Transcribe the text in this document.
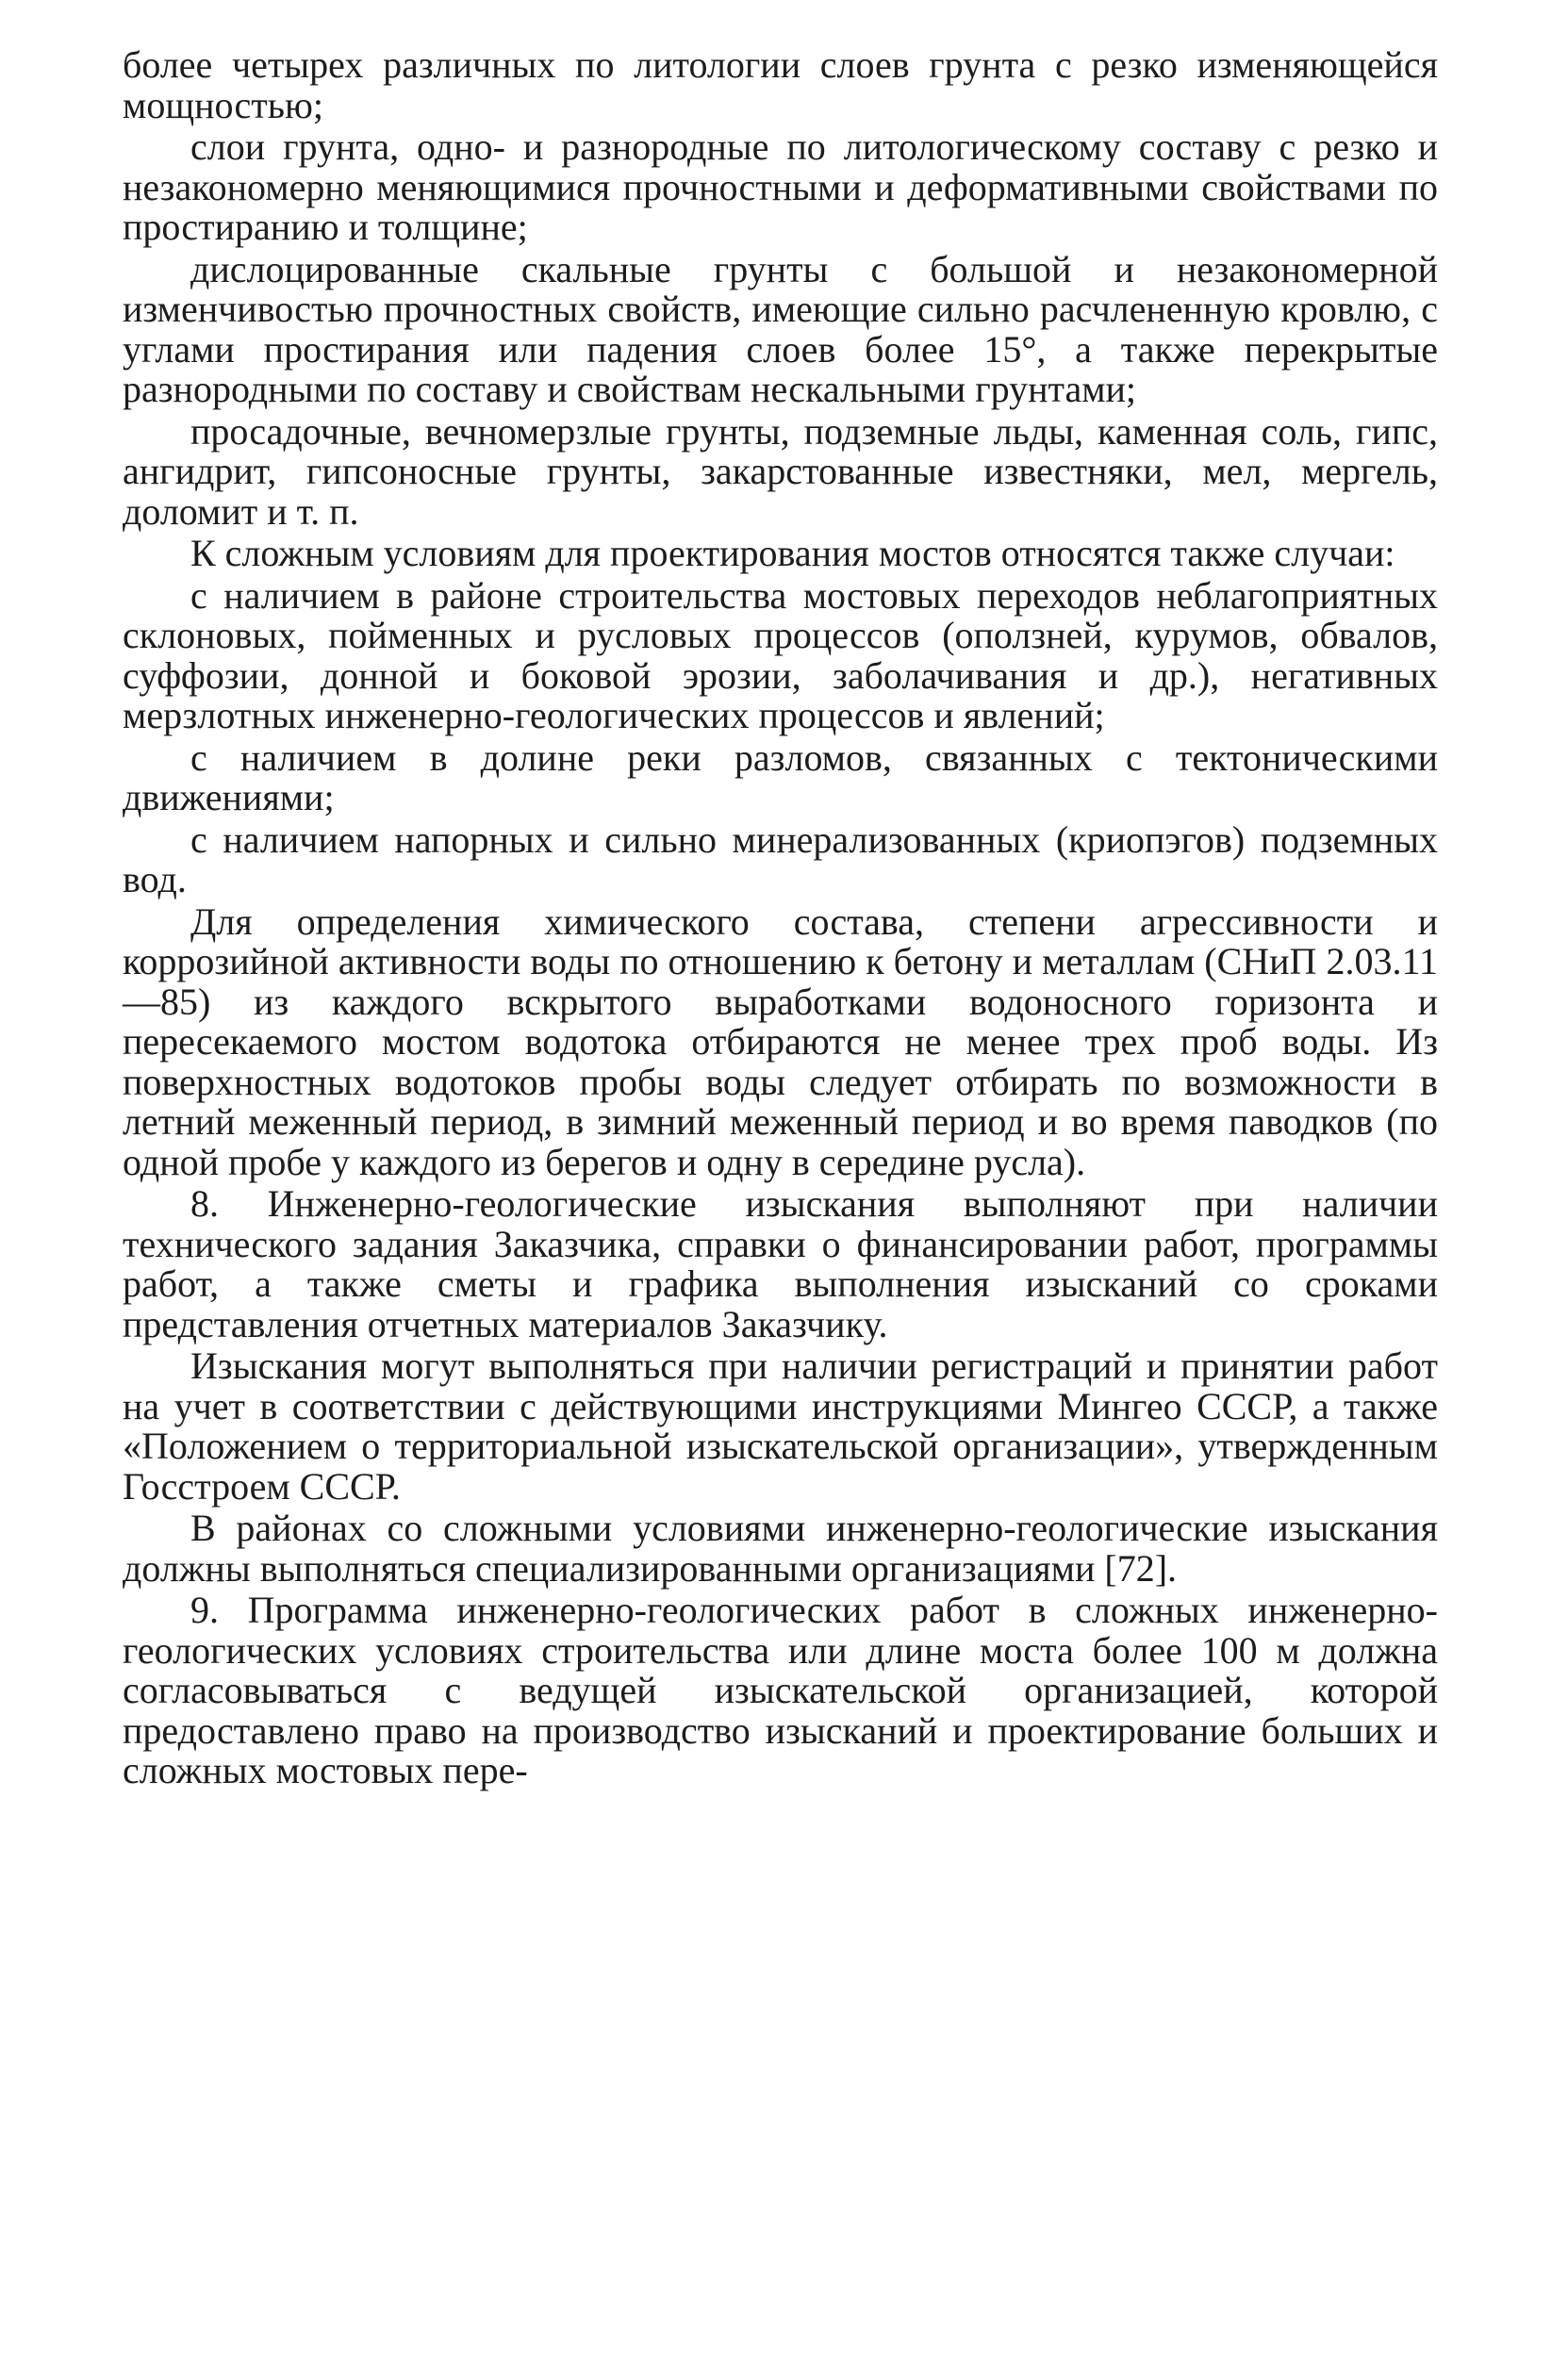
более четырех различных по литологии слоев грунта с резко изменяющейся мощностью;

слои грунта, одно- и разнородные по литологическому составу с резко и незакономерно меняющимися прочностными и деформативными свойствами по простиранию и толщине;

дислоцированные скальные грунты с большой и незакономерной изменчивостью прочностных свойств, имеющие сильно расчлененную кровлю, с углами простирания или падения слоев более 15°, а также перекрытые разнородными по составу и свойствам нескальными грунтами;

просадочные, вечномерзлые грунты, подземные льды, каменная соль, гипс, ангидрит, гипсоносные грунты, закарстованные известняки, мел, мергель, доломит и т. п.

К сложным условиям для проектирования мостов относятся также случаи:

с наличием в районе строительства мостовых переходов неблагоприятных склоновых, пойменных и русловых процессов (оползней, курумов, обвалов, суффозии, донной и боковой эрозии, заболачивания и др.), негативных мерзлотных инженерно-геологических процессов и явлений;

с наличием в долине реки разломов, связанных с тектоническими движениями;

с наличием напорных и сильно минерализованных (криопэгов) подземных вод.

Для определения химического состава, степени агрессивности и коррозийной активности воды по отношению к бетону и металлам (СНиП 2.03.11—85) из каждого вскрытого выработками водоносного горизонта и пересекаемого мостом водотока отбираются не менее трех проб воды. Из поверхностных водотоков пробы воды следует отбирать по возможности в летний меженный период, в зимний меженный период и во время паводков (по одной пробе у каждого из берегов и одну в середине русла).

8. Инженерно-геологические изыскания выполняют при наличии технического задания Заказчика, справки о финансировании работ, программы работ, а также сметы и графика выполнения изысканий со сроками представления отчетных материалов Заказчику.

Изыскания могут выполняться при наличии регистраций и принятии работ на учет в соответствии с действующими инструкциями Мингео СССР, а также «Положением о территориальной изыскательской организации», утвержденным Госстроем СССР.

В районах со сложными условиями инженерно-геологические изыскания должны выполняться специализированными организациями [72].

9. Программа инженерно-геологических работ в сложных инженерно-геологических условиях строительства или длине моста более 100 м должна согласовываться с ведущей изыскательской организацией, которой предоставлено право на производство изысканий и проектирование больших и сложных мостовых пере-
